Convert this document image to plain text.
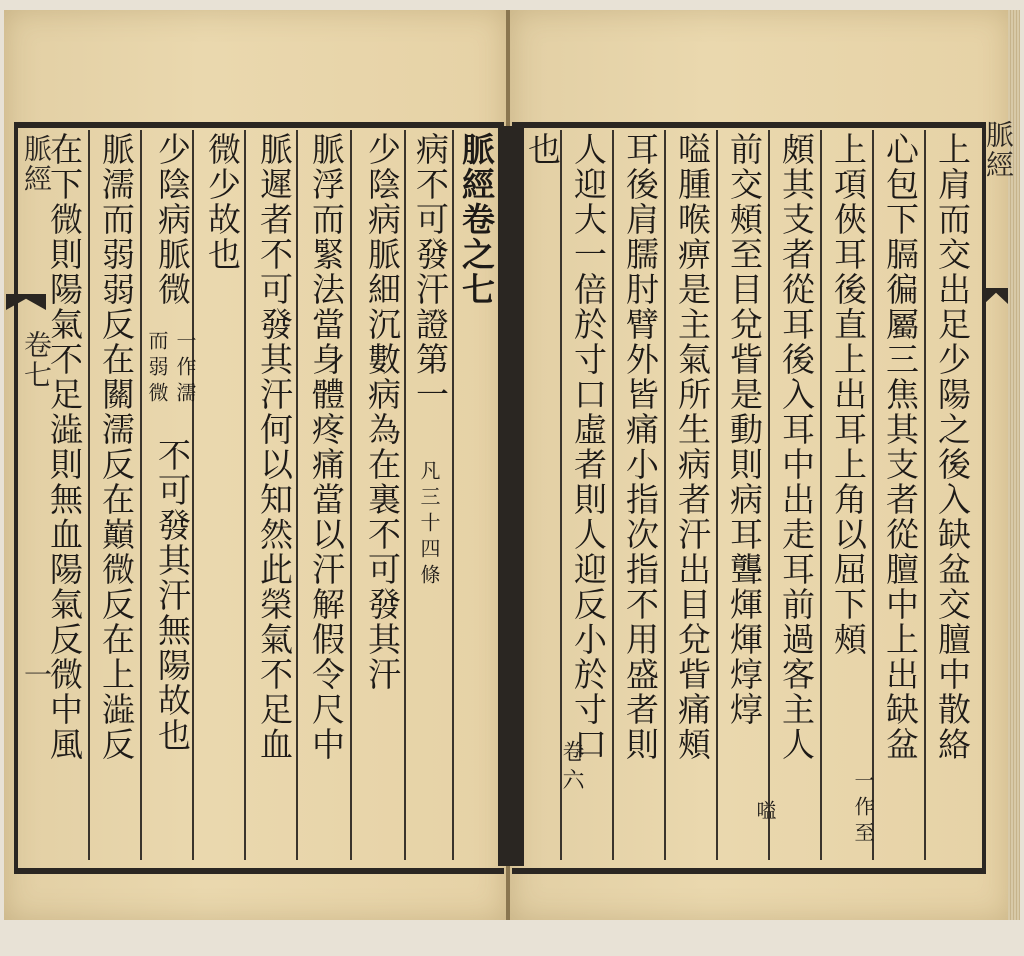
脈經
卷七
一
脈經卷之七
病不可發汗證第一
凡三十四條
少陰病脈細沉數病為在裏不可發其汗
脈浮而緊法當身體疼痛當以汗解假令尺中
脈遲者不可發其汗何以知然此榮氣不足血
微少故也
少陰病脈微
一作濡
而弱微
不可發其汗無陽故也
脈濡而弱弱反在關濡反在巔微反在上澁反
在下微則陽氣不足澁則無血陽氣反微中風	脈經
上肩而交出足少陽之後入缺盆交膻中散絡
心包下膈徧屬三焦其支者從膻中上出缺盆
上項俠耳後直上出耳上角以屈下頰
一作至
頗其支者從耳後入耳中出走耳前過客主人
前交頰至目兌眥是動則病耳聾煇煇焞焞
嗌
嗌腫喉痹是主氣所生病者汗出目兌眥痛頰
耳後肩臑肘臂外皆痛小指次指不用盛者則
人迎大一倍於寸口虛者則人迎反小於寸口
也
卷六
